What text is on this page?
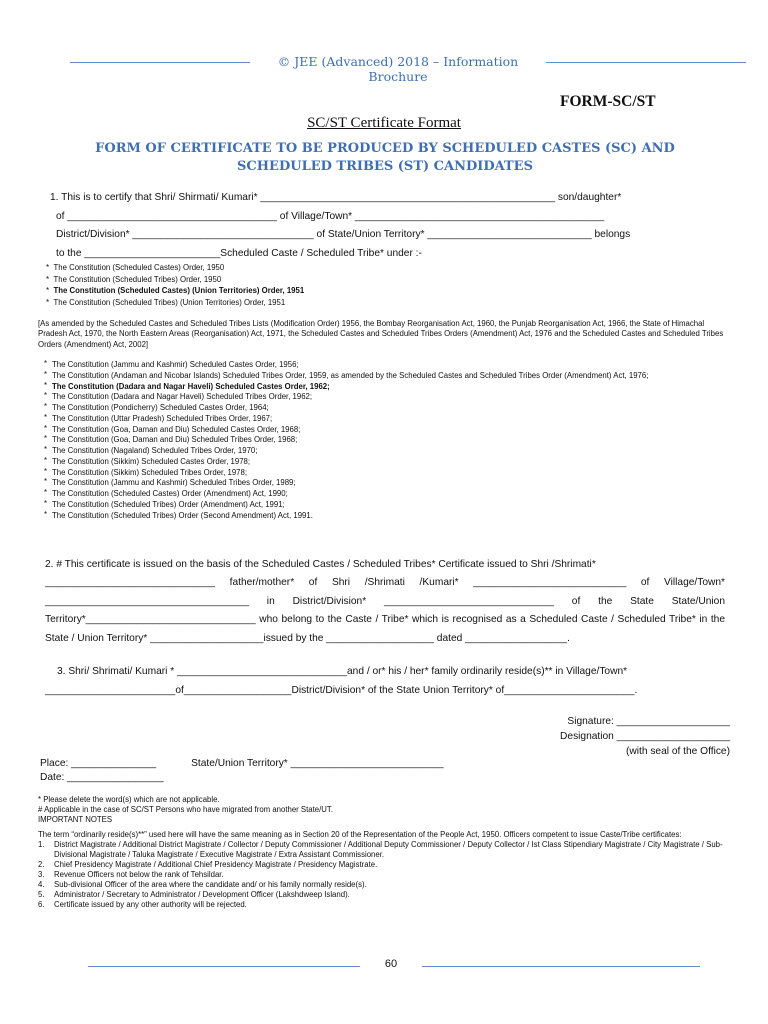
© JEE (Advanced) 2018 – Information Brochure
FORM-SC/ST
SC/ST Certificate Format
FORM OF CERTIFICATE TO BE PRODUCED BY SCHEDULED CASTES (SC) AND SCHEDULED TRIBES (ST) CANDIDATES
1. This is to certify that Shri/ Shirmati/ Kumari* ____________________________________________________ son/daughter*
of _____________________________________ of Village/Town* ____________________________________________
District/Division* ________________________________ of State/Union Territory* _____________________________ belongs
to the ________________________Scheduled Caste / Scheduled Tribe* under :-
* The Constitution (Scheduled Castes) Order, 1950
* The Constitution (Scheduled Tribes) Order, 1950
* The Constitution (Scheduled Castes) (Union Territories) Order, 1951
* The Constitution (Scheduled Tribes) (Union Territories) Order, 1951
[As amended by the Scheduled Castes and Scheduled Tribes Lists (Modification Order) 1956, the Bombay Reorganisation Act, 1960, the Punjab Reorganisation Act, 1966, the State of Himachal Pradesh Act, 1970, the North Eastern Areas (Reorganisation) Act, 1971, the Scheduled Castes and Scheduled Tribes Orders (Amendment) Act, 1976 and the Scheduled Castes and Scheduled Tribes Orders (Amendment) Act, 2002]
* The Constitution (Jammu and Kashmir) Scheduled Castes Order, 1956;
* The Constitution (Andaman and Nicobar Islands) Scheduled Tribes Order, 1959, as amended by the Scheduled Castes and Scheduled Tribes Order (Amendment) Act, 1976;
* The Constitution (Dadara and Nagar Haveli) Scheduled Castes Order, 1962;
* The Constitution (Dadara and Nagar Haveli) Scheduled Tribes Order, 1962;
* The Constitution (Pondicherry) Scheduled Castes Order, 1964;
* The Constitution (Uttar Pradesh) Scheduled Tribes Order, 1967;
* The Constitution (Goa, Daman and Diu) Scheduled Castes Order, 1968;
* The Constitution (Goa, Daman and Diu) Scheduled Tribes Order, 1968;
* The Constitution (Nagaland) Scheduled Tribes Order, 1970;
* The Constitution (Sikkim) Scheduled Castes Order, 1978;
* The Constitution (Sikkim) Scheduled Tribes Order, 1978;
* The Constitution (Jammu and Kashmir) Scheduled Tribes Order, 1989;
* The Constitution (Scheduled Castes) Order (Amendment) Act, 1990;
* The Constitution (Scheduled Tribes) Order (Amendment) Act, 1991;
* The Constitution (Scheduled Tribes) Order (Second Amendment) Act, 1991.
2. # This certificate is issued on the basis of the Scheduled Castes / Scheduled Tribes* Certificate issued to Shri /Shrimati*
______________________________ father/mother* of Shri /Shrimati /Kumari* ___________________________ of Village/Town* ____________________________________ in District/Division* ______________________________ of the State State/Union Territory*______________________________ who belong to the Caste / Tribe* which is recognised as a Scheduled Caste / Scheduled Tribe* in the State / Union Territory* ____________________issued by the ___________________ dated __________________.
3. Shri/ Shrimati/ Kumari * ______________________________and / or* his / her* family ordinarily reside(s)** in Village/Town*
_______________________of___________________District/Division* of the State Union Territory* of_______________________.
Signature: ____________________
Designation ____________________
(with seal of the Office)
Place: _______________	State/Union Territory* ___________________________
Date: _________________
* Please delete the word(s) which are not applicable.
# Applicable in the case of SC/ST Persons who have migrated from another State/UT.
IMPORTANT NOTES
The term “ordinarily reside(s)**” used here will have the same meaning as in Section 20 of the Representation of the People Act, 1950. Officers competent to issue Caste/Tribe certificates:
1. District Magistrate / Additional District Magistrate / Collector / Deputy Commissioner / Additional Deputy Commissioner / Deputy Collector / Ist Class Stipendiary Magistrate / City Magistrate / Sub-Divisional Magistrate / Taluka Magistrate / Executive Magistrate / Extra Assistant Commissioner.
2. Chief Presidency Magistrate / Additional Chief Presidency Magistrate / Presidency Magistrate.
3. Revenue Officers not below the rank of Tehsildar.
4. Sub-divisional Officer of the area where the candidate and/ or his family normally reside(s).
5. Administrator / Secretary to Administrator / Development Officer (Lakshdweep Island).
6. Certificate issued by any other authority will be rejected.
60
